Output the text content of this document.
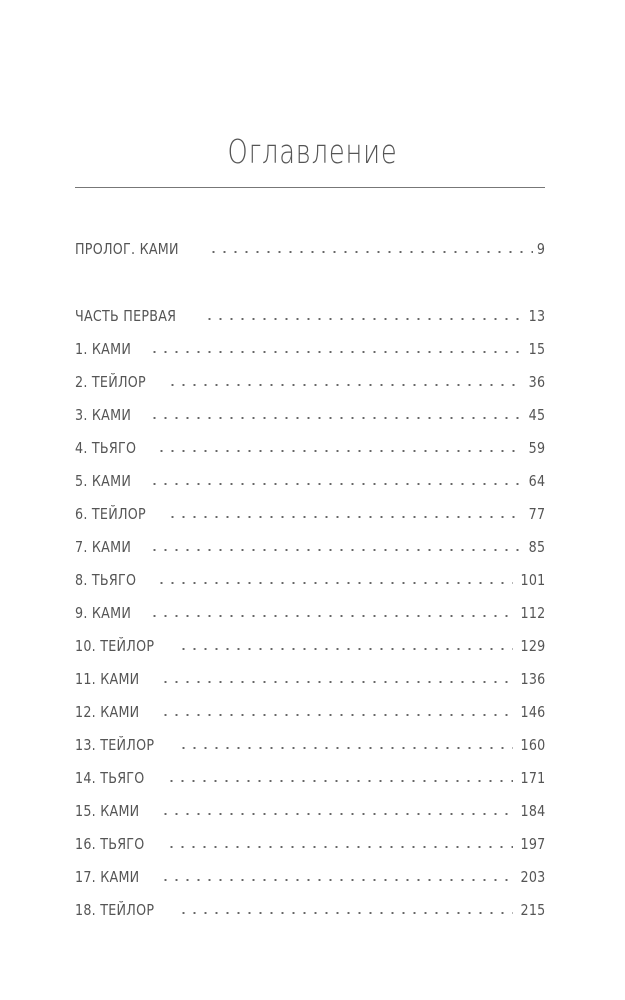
Оглавление
ПРОЛОГ. КАМИ	9
ЧАСТЬ ПЕРВАЯ	13
1. КАМИ	15
2. ТЕЙЛОР	36
3. КАМИ	45
4. ТЬЯГО	59
5. КАМИ	64
6. ТЕЙЛОР	77
7. КАМИ	85
8. ТЬЯГО	101
9. КАМИ	112
10. ТЕЙЛОР	129
11. КАМИ	136
12. КАМИ	146
13. ТЕЙЛОР	160
14. ТЬЯГО	171
15. КАМИ	184
16. ТЬЯГО	197
17. КАМИ	203
18. ТЕЙЛОР	215
